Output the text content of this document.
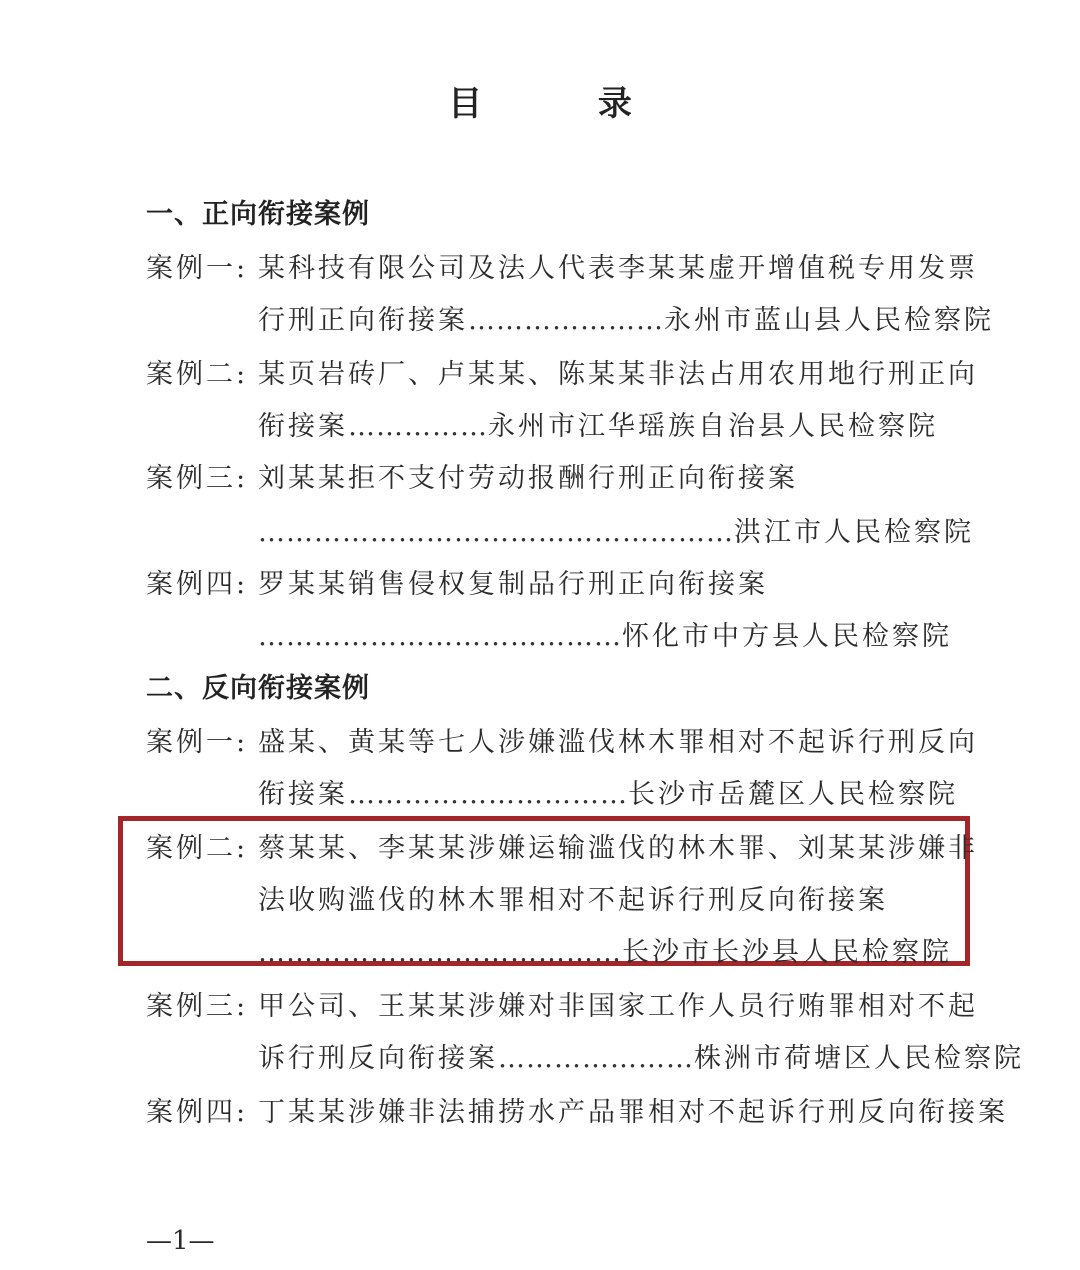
目 录
一、正向衔接案例
案例一: 某科技有限公司及法人代表李某某虚开增值税专用发票
行刑正向衔接案 ………………… 永州市蓝山县人民检察院
案例二: 某页岩砖厂、卢某某、陈某某非法占用农用地行刑正向
衔接案 …………… 永州市江华瑶族自治县人民检察院
案例三: 刘某某拒不支付劳动报酬行刑正向衔接案
…………………………………………… 洪江市人民检察院
案例四: 罗某某销售侵权复制品行刑正向衔接案
………………………………… 怀化市中方县人民检察院
二、反向衔接案例
案例一: 盛某、黄某等七人涉嫌滥伐林木罪相对不起诉行刑反向
衔接案 ………………………… 长沙市岳麓区人民检察院
案例二: 蔡某某、李某某涉嫌运输滥伐的林木罪、刘某某涉嫌非
法收购滥伐的林木罪相对不起诉行刑反向衔接案
………………………………… 长沙市长沙县人民检察院
案例三: 甲公司、王某某涉嫌对非国家工作人员行贿罪相对不起
诉行刑反向衔接案 ………………… 株洲市荷塘区人民检察院
案例四: 丁某某涉嫌非法捕捞水产品罪相对不起诉行刑反向衔接案
—1—
